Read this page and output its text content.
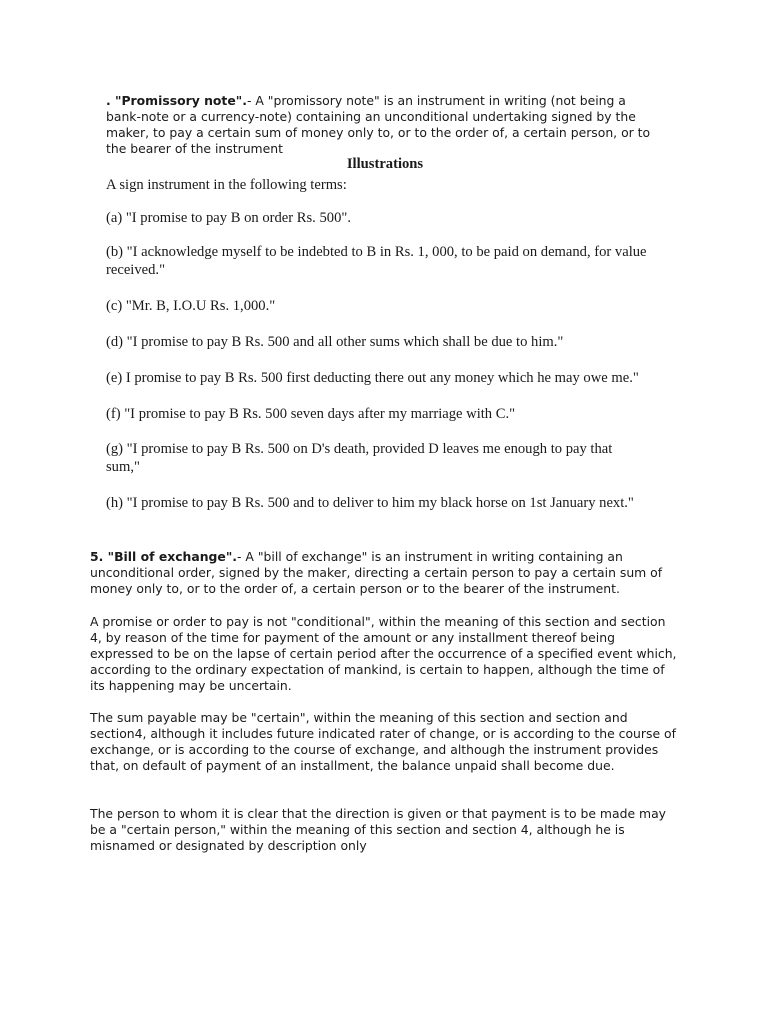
. "Promissory note".- A "promissory note" is an instrument in writing (not being a bank-note or a currency-note) containing an unconditional undertaking signed by the maker, to pay a certain sum of money only to, or to the order of, a certain person, or to the bearer of the instrument

Illustrations

A sign instrument in the following terms:

(a) "I promise to pay B on order Rs. 500".

(b) "I acknowledge myself to be indebted to B in Rs. 1, 000, to be paid on demand, for value received."

(c) "Mr. B, I.O.U Rs. 1,000."

(d) "I promise to pay B Rs. 500 and all other sums which shall be due to him."

(e) I promise to pay B Rs. 500 first deducting there out any money which he may owe me."

(f) "I promise to pay B Rs. 500 seven days after my marriage with C."

(g) "I promise to pay B Rs. 500 on D's death, provided D leaves me enough to pay that sum,"

(h) "I promise to pay B Rs. 500 and to deliver to him my black horse on 1st January next."

5. "Bill of exchange".- A "bill of exchange" is an instrument in writing containing an unconditional order, signed by the maker, directing a certain person to pay a certain sum of money only to, or to the order of, a certain person or to the bearer of the instrument.

A promise or order to pay is not "conditional", within the meaning of this section and section 4, by reason of the time for payment of the amount or any installment thereof being expressed to be on the lapse of certain period after the occurrence of a specified event which, according to the ordinary expectation of mankind, is certain to happen, although the time of its happening may be uncertain.

The sum payable may be "certain", within the meaning of this section and section and section4, although it includes future indicated rater of change, or is according to the course of exchange, or is according to the course of exchange, and although the instrument provides that, on default of payment of an installment, the balance unpaid shall become due.

The person to whom it is clear that the direction is given or that payment is to be made may be a "certain person," within the meaning of this section and section 4, although he is misnamed or designated by description only
